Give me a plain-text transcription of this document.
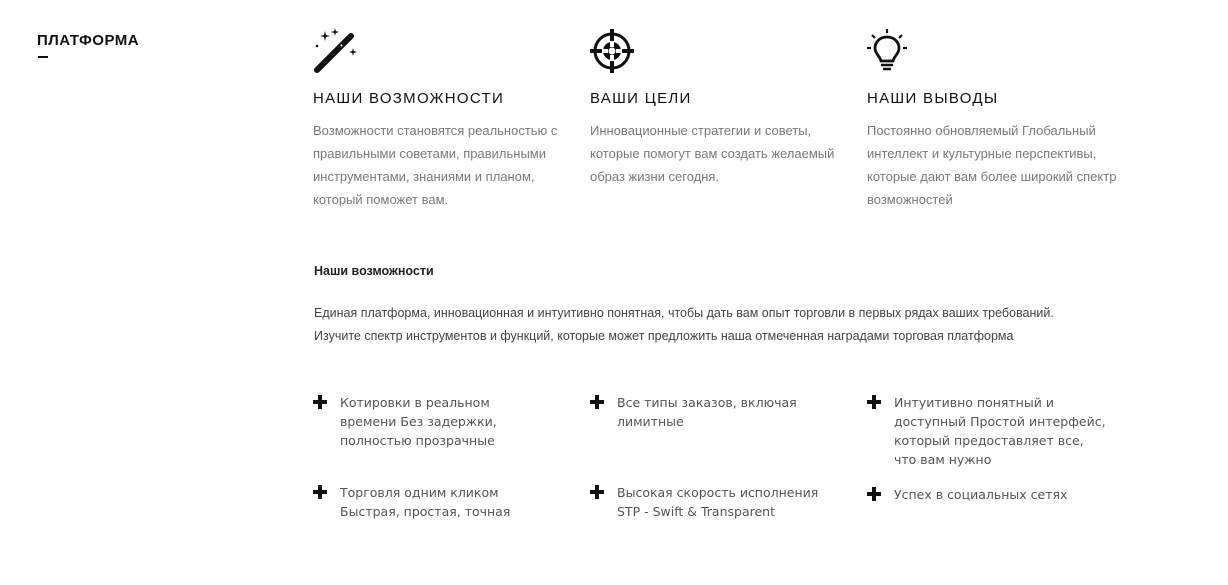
ПЛАТФОРМА
НАШИ ВОЗМОЖНОСТИ

Возможности становятся реальностью с правильными советами, правильными инструментами, знаниями и планом, который поможет вам.

ВАШИ ЦЕЛИ

Инновационные стратегии и советы, которые помогут вам создать желаемый образ жизни сегодня.

НАШИ ВЫВОДЫ

Постоянно обновляемый Глобальный интеллект и культурные перспективы, которые дают вам более широкий спектр возможностей

Наши возможности
Единая платформа, инновационная и интуитивно понятная, чтобы дать вам опыт торговли в первых рядах ваших требований.
Изучите спектр инструментов и функций, которые может предложить наша отмеченная наградами торговая платформа
Котировки в реальном
времени Без задержки,
полностью прозрачные
Все типы заказов, включая
лимитные
Интуитивно понятный и
доступный Простой интерфейс,
который предоставляет все,
что вам нужно
Торговля одним кликом
Быстрая, простая, точная
Высокая скорость исполнения
STP - Swift & Transparent
Успех в социальных сетях
